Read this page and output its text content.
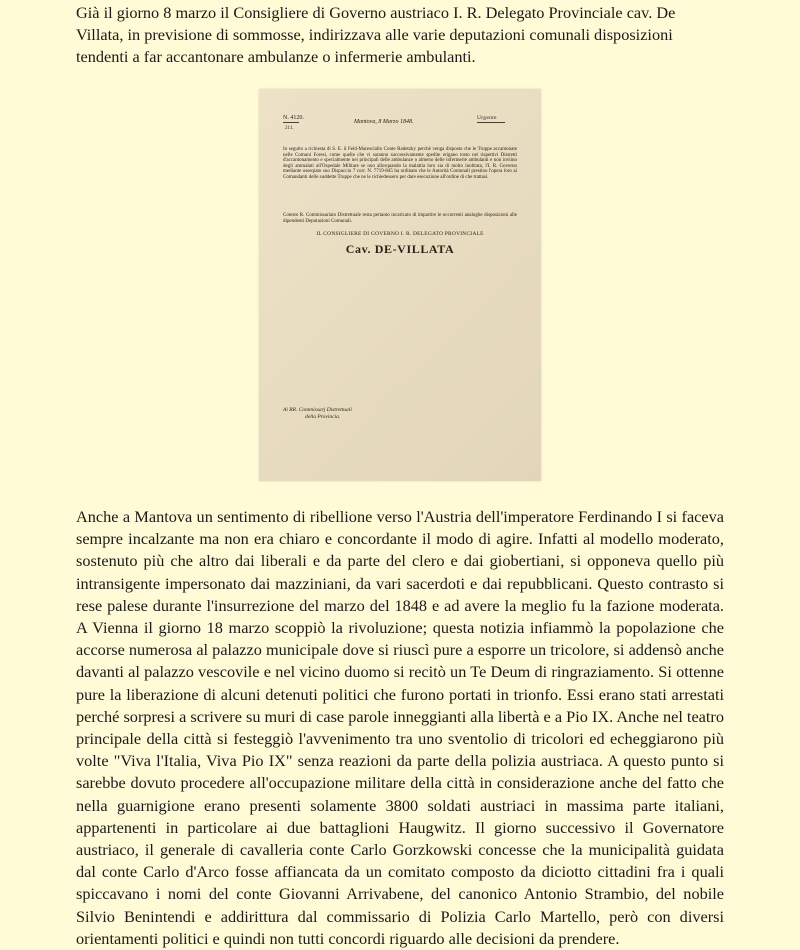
Già il giorno 8 marzo il Consigliere di Governo austriaco I. R. Delegato Provinciale cav. De Villata, in previsione di sommosse, indirizzava alle varie deputazioni comunali disposizioni tendenti a far accantonare ambulanze o infermerie ambulanti.

N. 4120.

211.

Mantova, 8 Marzo 1848.

Urgente

In seguito a richiesta di S. E. il Feld-Maresciallo Conte Radetzky perchè venga disposto che le Truppe accantonate nelle Comuni Foresi, come quelle che vi saranno successivamente spedite erigano tosto nei rispettivi Distretti d'accantonamento e specialmente nei principali delle ambulanze o almeno delle infermerie ambulanti e non inviino degli ammalati all'Ospedale Militare se non allorquando la malattia loro sia di molto inoltrata, l'I. R. Governo mediante osseqiato suo Dispaccio 7 corr. N. 7719-845 ha ordinato che le Autorità Comunali prestino l'opera loro ai Comandanti delle suddette Truppe che ne le richiedessero per dare esecuzione all'ordine di che trattasi.

Cotesto R. Commissariato Distrettuale resta pertanto incaricato di impartire le occorrenti analoghe disposizioni alle dipendenti Deputazioni Comunali.

IL CONSIGLIERE DI GOVERNO I. R. DELEGATO PROVINCIALE

Cav. DE-VILLATA

Ai RR. Commissarj Distrettuali
della Provincia.

Anche a Mantova un sentimento di ribellione verso l'Austria dell'imperatore Ferdinando I si faceva sempre incalzante ma non era chiaro e concordante il modo di agire. Infatti al modello moderato, sostenuto più che altro dai liberali e da parte del clero e dai giobertiani, si opponeva quello più intransigente impersonato dai mazziniani, da vari sacerdoti e dai repubblicani. Questo contrasto si rese palese durante l'insurrezione del marzo del 1848 e ad avere la meglio fu la fazione moderata. A Vienna il giorno 18 marzo scoppiò la rivoluzione; questa notizia infiammò la popolazione che accorse numerosa al palazzo municipale dove si riuscì pure a esporre un tricolore, si addensò anche davanti al palazzo vescovile e nel vicino duomo si recitò un Te Deum di ringraziamento. Si ottenne pure la liberazione di alcuni detenuti politici che furono portati in trionfo. Essi erano stati arrestati perché sorpresi a scrivere su muri di case parole inneggianti alla libertà e a Pio IX. Anche nel teatro principale della città si festeggiò l'avvenimento tra uno sventolio di tricolori ed echeggiarono più volte "Viva l'Italia, Viva Pio IX" senza reazioni da parte della polizia austriaca. A questo punto si sarebbe dovuto procedere all'occupazione militare della città in considerazione anche del fatto che nella guarnigione erano presenti solamente 3800 soldati austriaci in massima parte italiani, appartenenti in particolare ai due battaglioni Haugwitz. Il giorno successivo il Governatore austriaco, il generale di cavalleria conte Carlo Gorzkowski concesse che la municipalità guidata dal conte Carlo d'Arco fosse affiancata da un comitato composto da diciotto cittadini fra i quali spiccavano i nomi del conte Giovanni Arrivabene, del canonico Antonio Strambio, del nobile Silvio Benintendi e addirittura dal commissario di Polizia Carlo Martello, però con diversi orientamenti politici e quindi non tutti concordi riguardo alle decisioni da prendere.
